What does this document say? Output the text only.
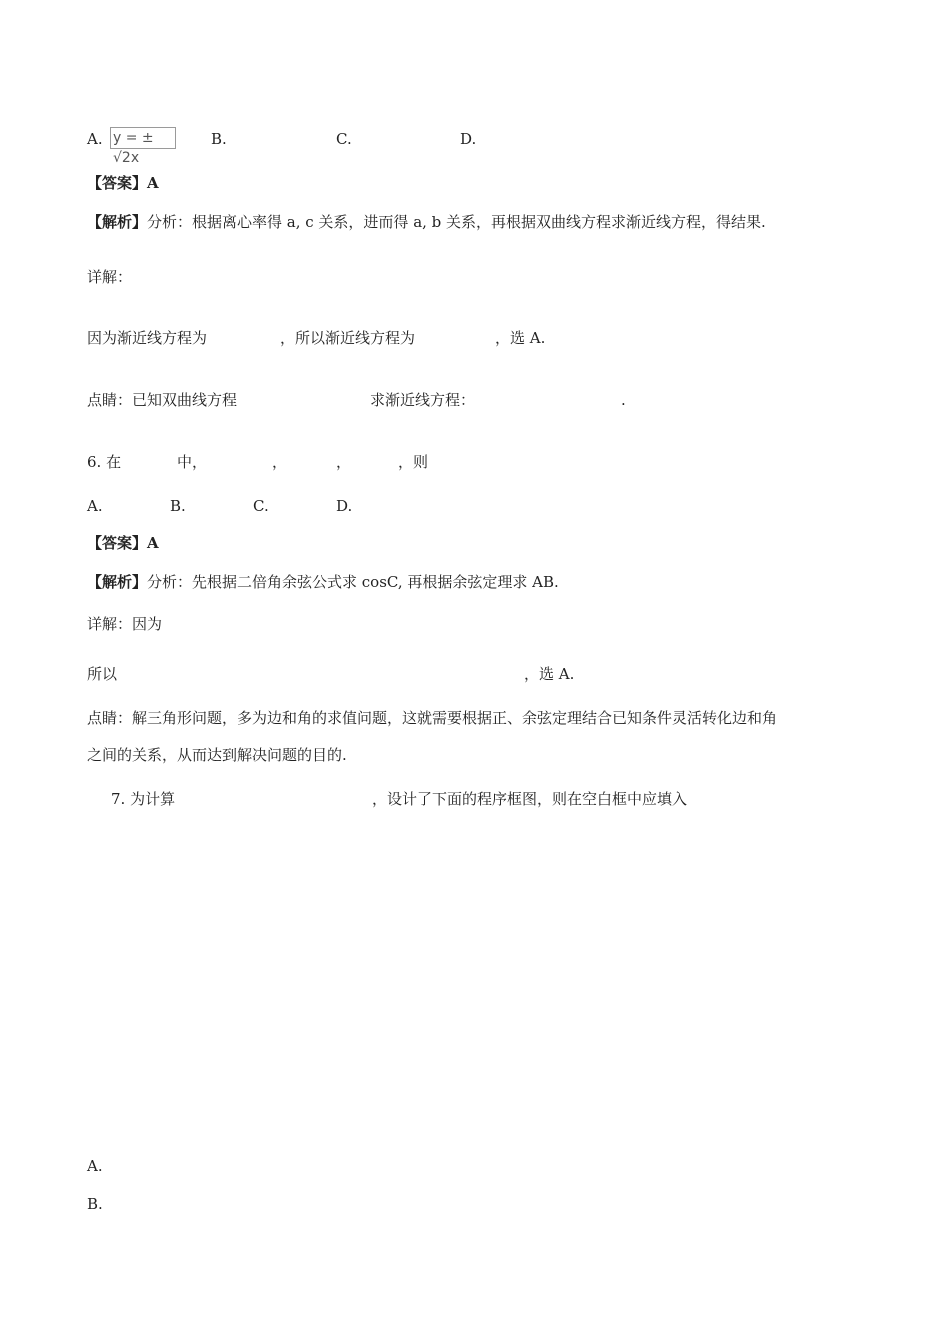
A. y = ± √2x
B.	C.	D.
【答案】A
【解析】分析：根据离心率得 a, c 关系，进而得 a, b 关系，再根据双曲线方程求渐近线方程，得结果.
详解：
因为渐近线方程为	，所以渐近线方程为	，选 A.
点睛：已知双曲线方程	求渐近线方程：	.
6. 在	中，	，	，	，则
A.	B.	C.	D.
【答案】A
【解析】分析：先根据二倍角余弦公式求 cosC, 再根据余弦定理求 AB.
详解：因为
所以	，选 A.
点睛：解三角形问题，多为边和角的求值问题，这就需要根据正、余弦定理结合已知条件灵活转化边和角
之间的关系，从而达到解决问题的目的.
7. 为计算	，设计了下面的程序框图，则在空白框中应填入
A.
B.
